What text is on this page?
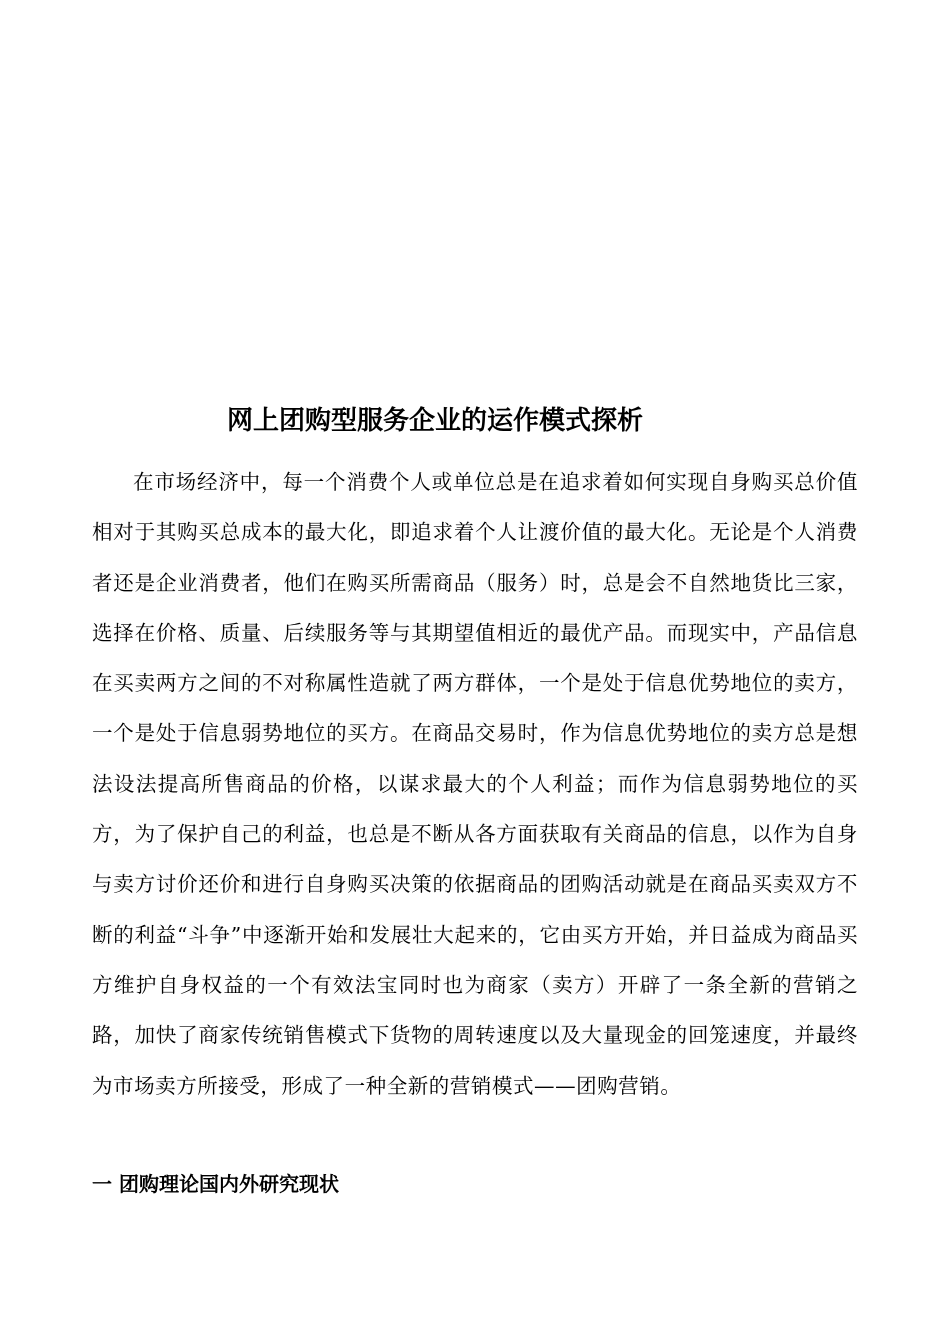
网上团购型服务企业的运作模式探析

在市场经济中，每一个消费个人或单位总是在追求着如何实现自身购买总价值相对于其购买总成本的最大化，即追求着个人让渡价值的最大化。无论是个人消费者还是企业消费者，他们在购买所需商品（服务）时，总是会不自然地货比三家，选择在价格、质量、后续服务等与其期望值相近的最优产品。而现实中，产品信息在买卖两方之间的不对称属性造就了两方群体，一个是处于信息优势地位的卖方，一个是处于信息弱势地位的买方。在商品交易时，作为信息优势地位的卖方总是想法设法提高所售商品的价格，以谋求最大的个人利益；而作为信息弱势地位的买方，为了保护自己的利益，也总是不断从各方面获取有关商品的信息，以作为自身与卖方讨价还价和进行自身购买决策的依据商品的团购活动就是在商品买卖双方不断的利益“斗争”中逐渐开始和发展壮大起来的，它由买方开始，并日益成为商品买方维护自身权益的一个有效法宝同时也为商家（卖方）开辟了一条全新的营销之路，加快了商家传统销售模式下货物的周转速度以及大量现金的回笼速度，并最终为市场卖方所接受，形成了一种全新的营销模式——团购营销。

一 团购理论国内外研究现状
